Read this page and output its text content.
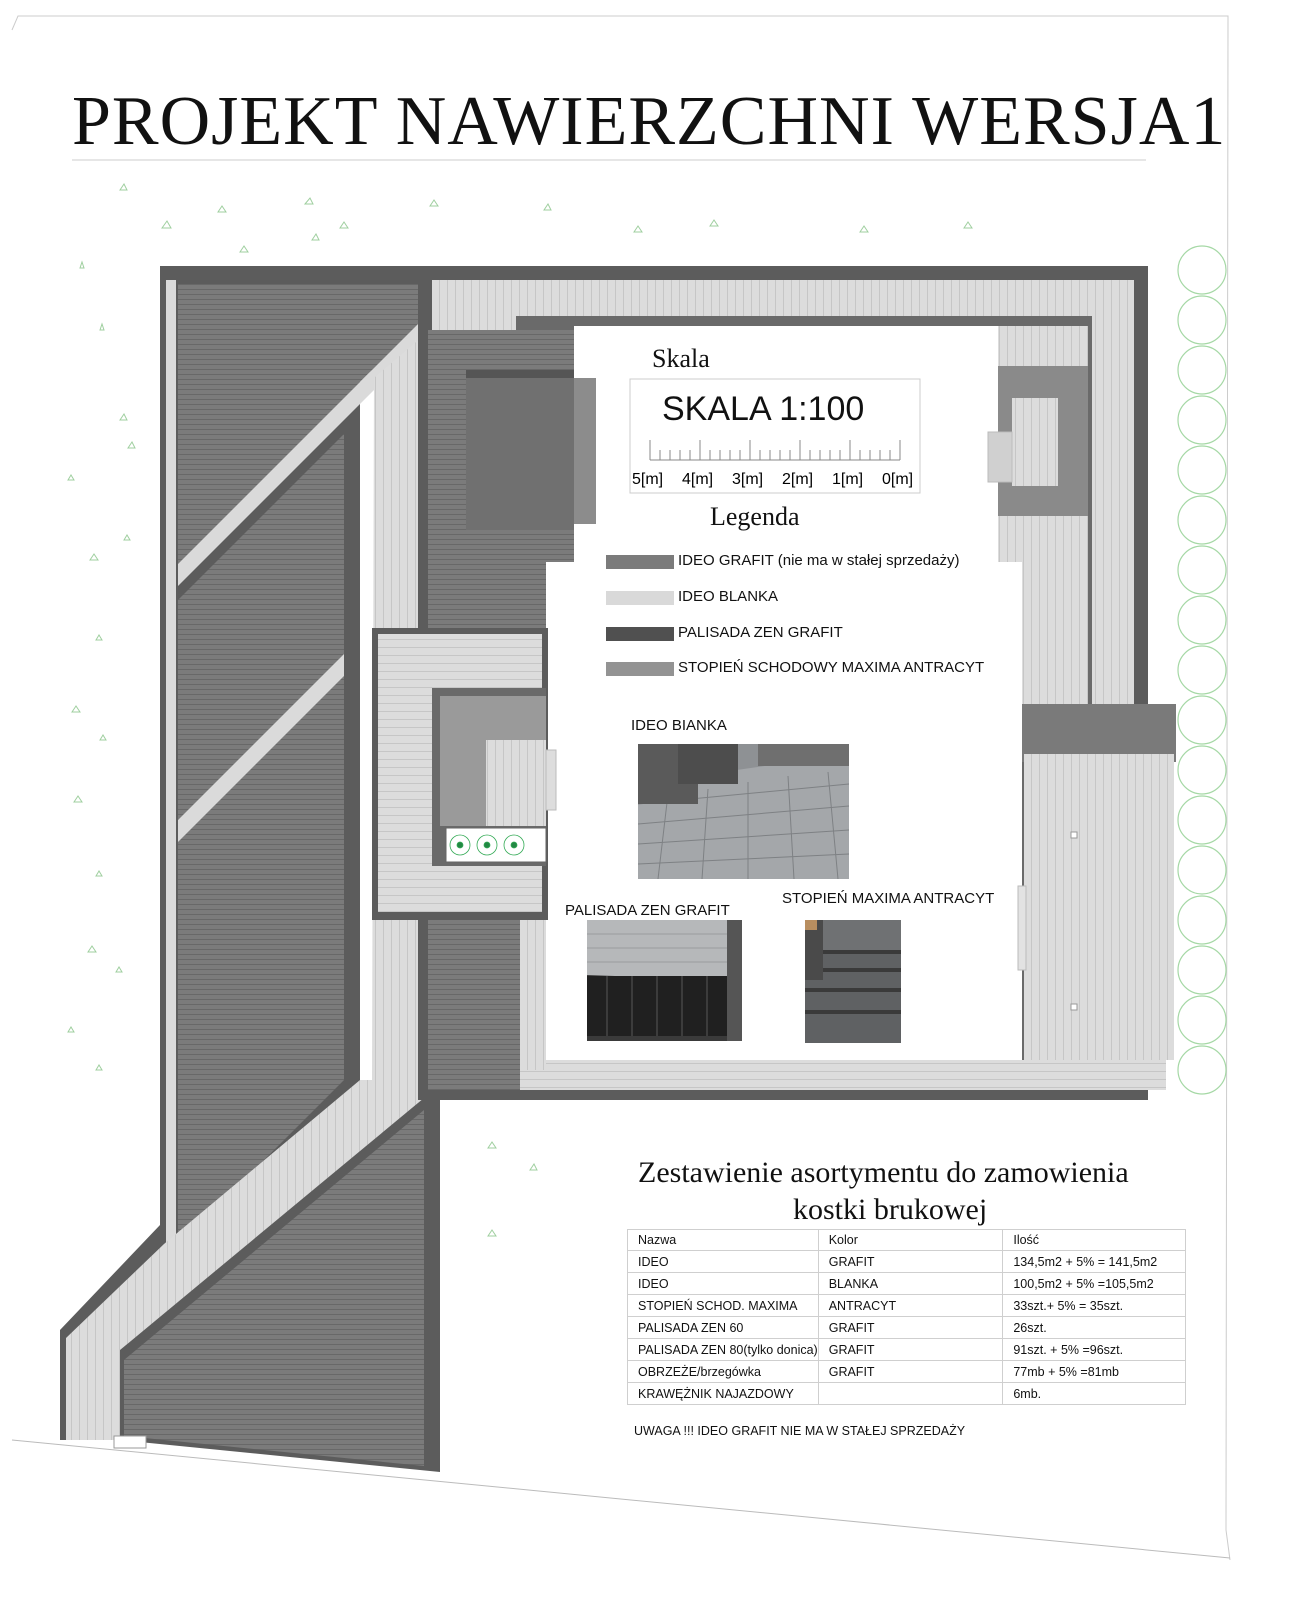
5[m] 4[m] 3[m] 2[m] 1[m] 0[m]
PROJEKT NAWIERZCHNI WERSJA1
Skala
SKALA 1:100
Legenda
IDEO GRAFIT (nie ma w stałej sprzedaży)
IDEO BLANKA
PALISADA ZEN GRAFIT
STOPIEŃ SCHODOWY MAXIMA ANTRACYT
IDEO BIANKA
PALISADA ZEN GRAFIT
STOPIEŃ MAXIMA ANTRACYT
Zestawienie asortymentu do zamowienia
kostki brukowej
Nazwa	Kolor	Ilość
IDEO	GRAFIT	134,5m2 + 5% = 141,5m2
IDEO	BLANKA	100,5m2 + 5% =105,5m2
STOPIEŃ SCHOD. MAXIMA	ANTRACYT	33szt.+ 5% = 35szt.
PALISADA ZEN 60	GRAFIT	26szt.
PALISADA ZEN 80(tylko donica)	GRAFIT	91szt. + 5% =96szt.
OBRZEŻE/brzegówka	GRAFIT	77mb + 5% =81mb
KRAWĘŻNIK NAJAZDOWY		6mb.
UWAGA !!! IDEO GRAFIT NIE MA W STAŁEJ SPRZEDAŻY
